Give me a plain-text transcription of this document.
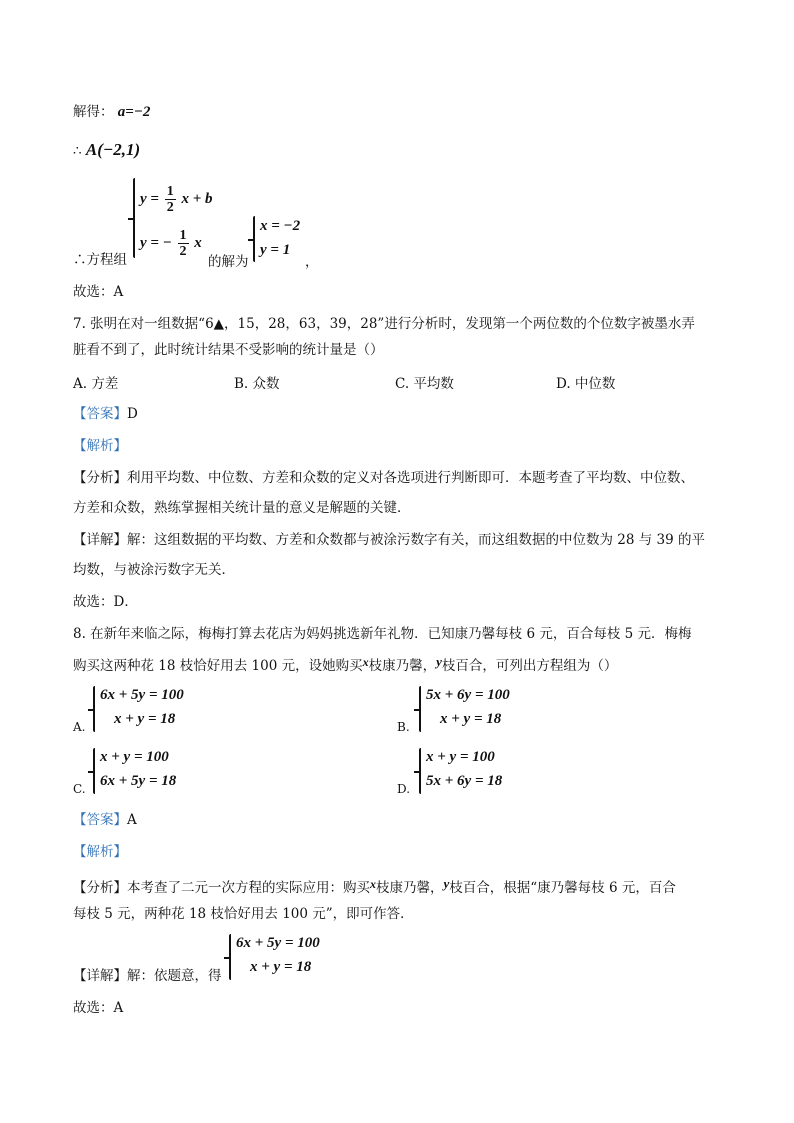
解得： a=−2
∴ A(−2,1)
$y = \frac{1}{2}$ x + b
y = − $\frac{1}{2}$ x
∴方程组	的解为
x = −2
y = 1
，
故选：A
7. 张明在对一组数据“6▲，15，28，63，39，28”进行分析时，发现第一个两位数的个位数字被墨水弄
脏看不到了，此时统计结果不受影响的统计量是（）
A. 方差	B. 众数	C. 平均数	D. 中位数
【答案】D
【解析】
【分析】利用平均数、中位数、方差和众数的定义对各选项进行判断即可．本题考查了平均数、中位数、
方差和众数，熟练掌握相关统计量的意义是解题的关键．
【详解】解：这组数据的平均数、方差和众数都与被涂污数字有关，而这组数据的中位数为 28 与 39 的平
均数，与被涂污数字无关．
故选：D．
8. 在新年来临之际，梅梅打算去花店为妈妈挑选新年礼物．已知康乃馨每枝 6 元，百合每枝 5 元．梅梅
购买这两种花 18 枝恰好用去 100 元，设她购买x枝康乃馨，y枝百合，可列出方程组为（）
A.
6x + 5y = 100
x + y = 18	B.
5x + 6y = 100
x + y = 18
C.
x + y = 100
6x + 5y = 18	D.
x + y = 100
5x + 6y = 18
【答案】A
【解析】
【分析】本考查了二元一次方程的实际应用：购买x枝康乃馨，y枝百合，根据“康乃馨每枝 6 元，百合
每枝 5 元，两种花 18 枝恰好用去 100 元”，即可作答．
【详解】解：依题意，得
6x + 5y = 100
x + y = 18
故选：A
